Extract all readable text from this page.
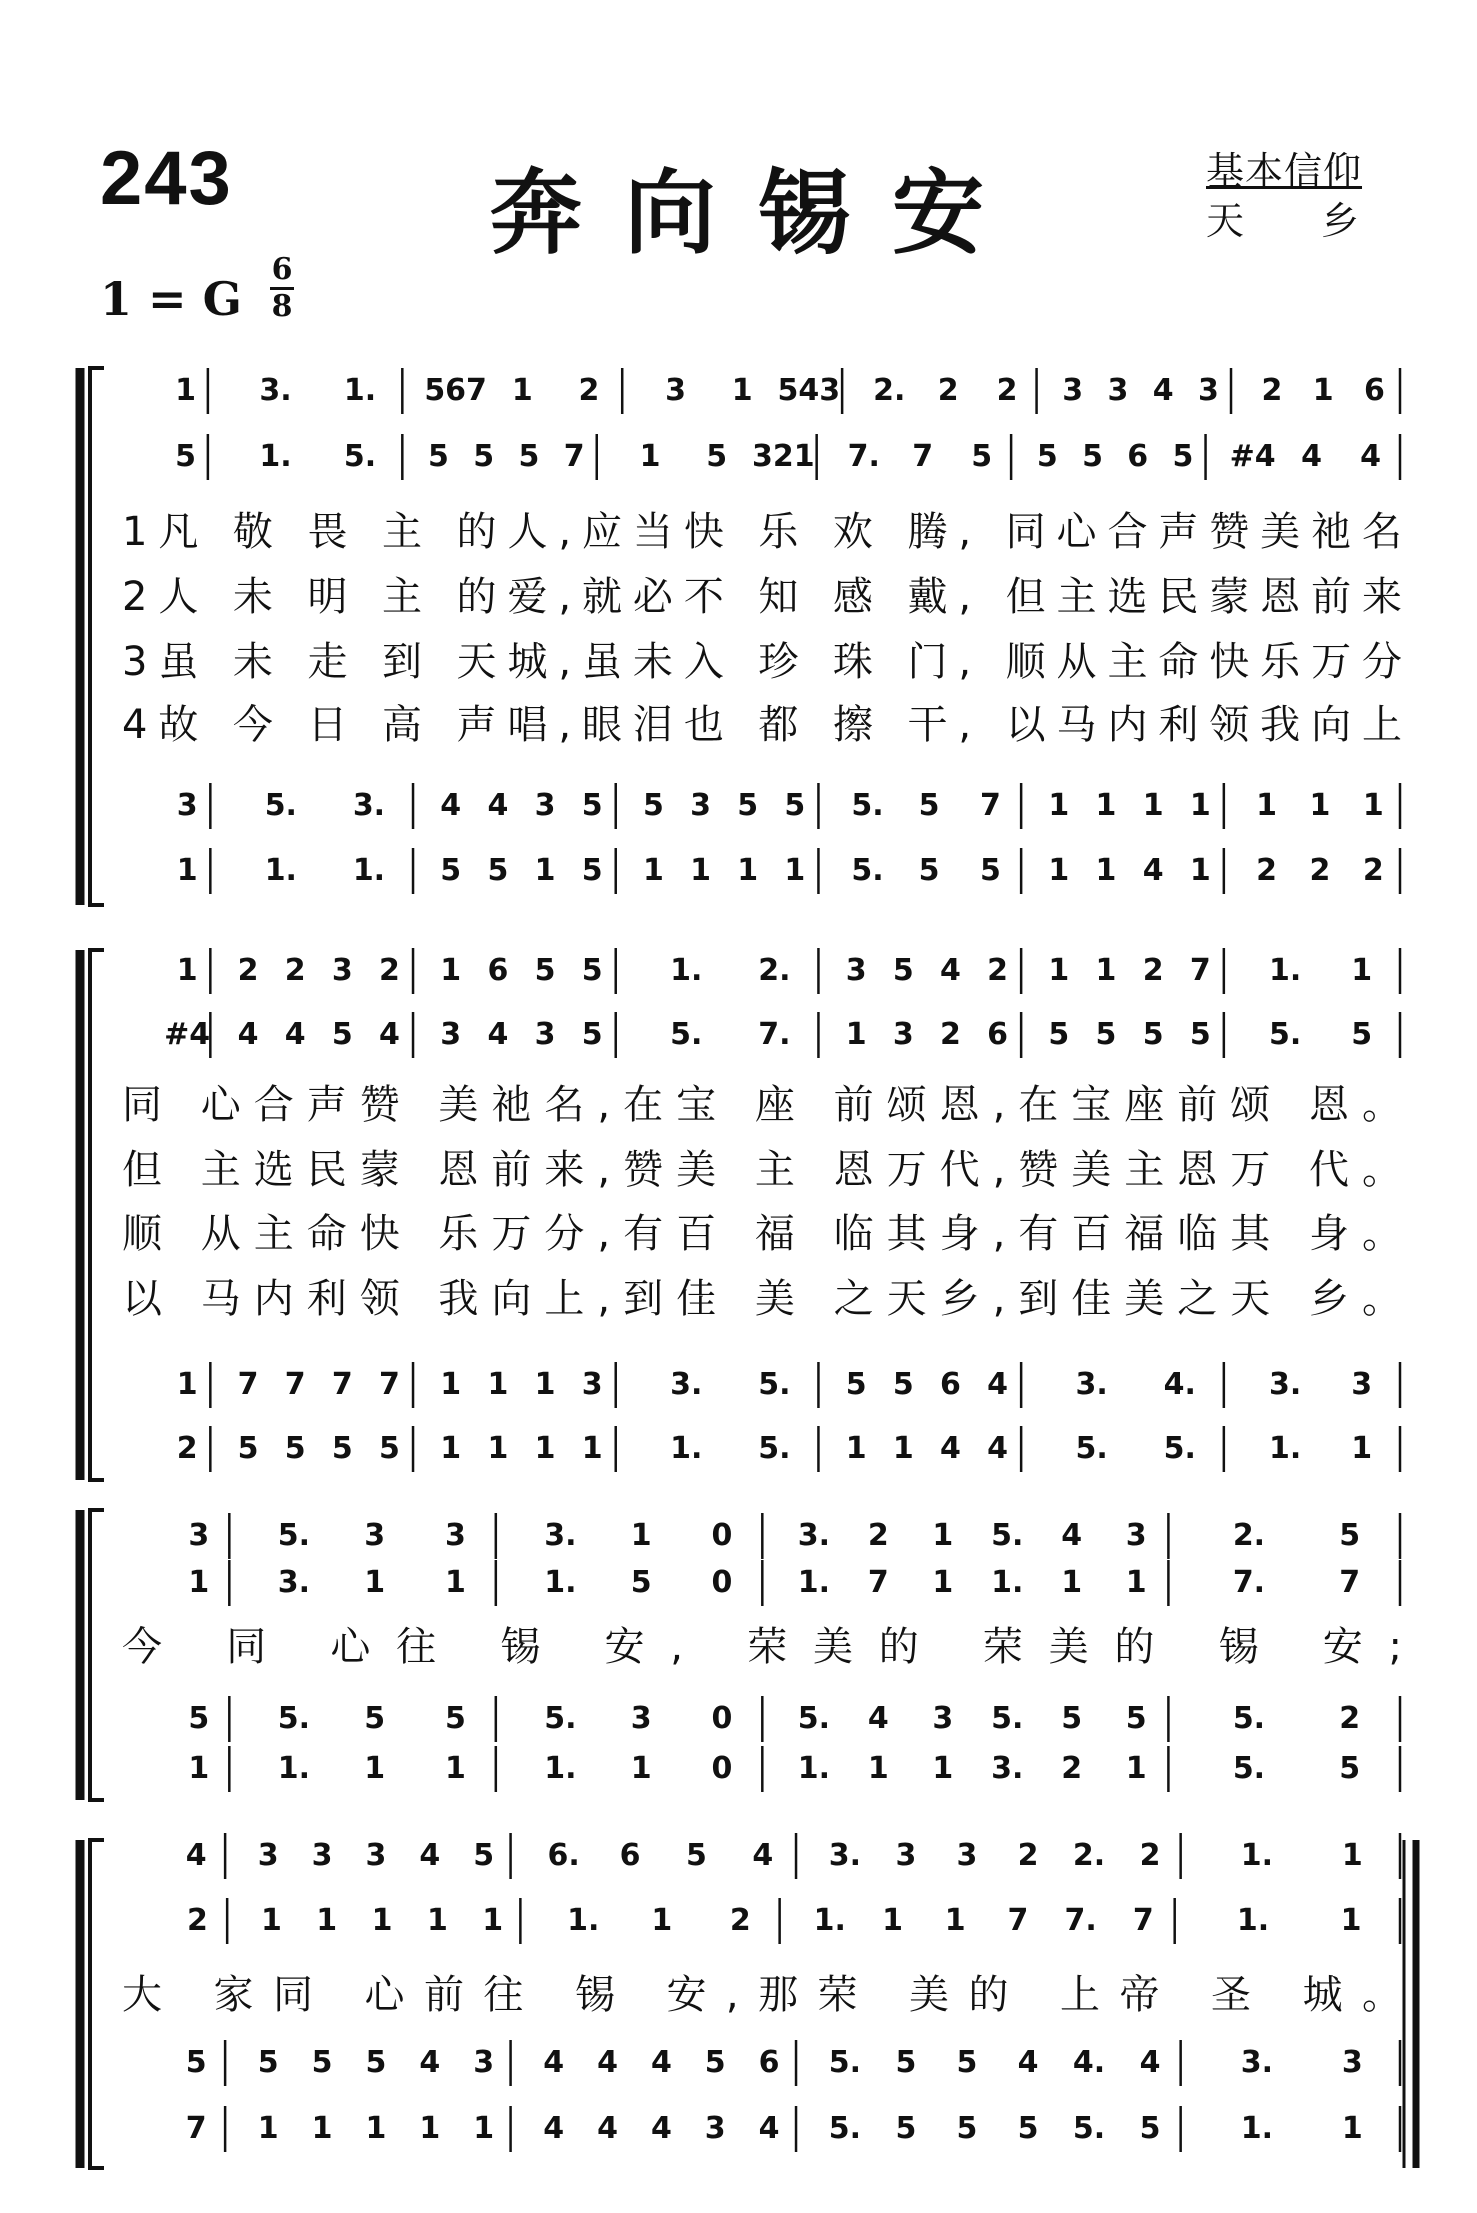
243	奔向锡安	基本信仰
天 乡
1 = G
6
8
1 3. 1. 567 1 2 3 1 543 2. 2 2 3 3 4 3 2 1 6
5 1. 5. 5 5 5 7 1 5 321 7. 7 5 5 5 6 5 #4 4 4
3 5. 3. 4 4 3 5 5 3 5 5 5. 5 7 1 1 1 1 1 1 1
1 1. 1. 5 5 1 5 1 1 1 1 5. 5 5 1 1 4 1 2 2 2
1凡 敬 畏 主 的人,应当快 乐 欢 腾, 同心合声赞美祂名
2人 未 明 主 的爱,就必不 知 感 戴, 但主选民蒙恩前来
3虽 未 走 到 天城,虽未入 珍 珠 门, 顺从主命快乐万分
4故 今 日 高 声唱,眼泪也 都 擦 干, 以马内利领我向上
1 2 2 3 2 1 6 5 5 1. 2. 3 5 4 2 1 1 2 7 1. 1
#4 4 4 5 4 3 4 3 5 5. 7. 1 3 2 6 5 5 5 5 5. 5
1 7 7 7 7 1 1 1 3 3. 5. 5 5 6 4 3. 4. 3. 3
2 5 5 5 5 1 1 1 1 1. 5. 1 1 4 4 5. 5. 1. 1
同 心合声赞 美祂名,在宝 座 前颂恩,在宝座前颂 恩。
但 主选民蒙 恩前来,赞美 主 恩万代,赞美主恩万 代。
顺 从主命快 乐万分,有百 福 临其身,有百福临其 身。
以 马内利领 我向上,到佳 美 之天乡,到佳美之天 乡。
3 5. 3 3	3. 1 0 3. 2 1 5. 4 3	2. 5
1 3. 1 1	1. 5 0 1. 7 1 1. 1 1	7. 7
5 5. 5 5	5. 3 0 5. 4 3 5. 5 5	5. 2
1 1. 1 1	1. 1 0 1. 1 1 3. 2 1	5. 5
今 同 心往 锡 安, 荣美的 荣美的 锡 安;
4 3 3 3 4 5 6. 6 5 4 3. 3 3 2 2. 2	1. 1
2 1 1 1 1 1 1. 1 2 1. 1 1 7 7. 7	1. 1
5 5 5 5 4 3 4 4 4 5 6 5. 5 5 4 4. 4	3. 3
7 1 1 1 1 1 4 4 4 3 4 5. 5 5 5 5. 5	1. 1
大 家同 心前往 锡 安,那荣 美的 上帝 圣 城。
